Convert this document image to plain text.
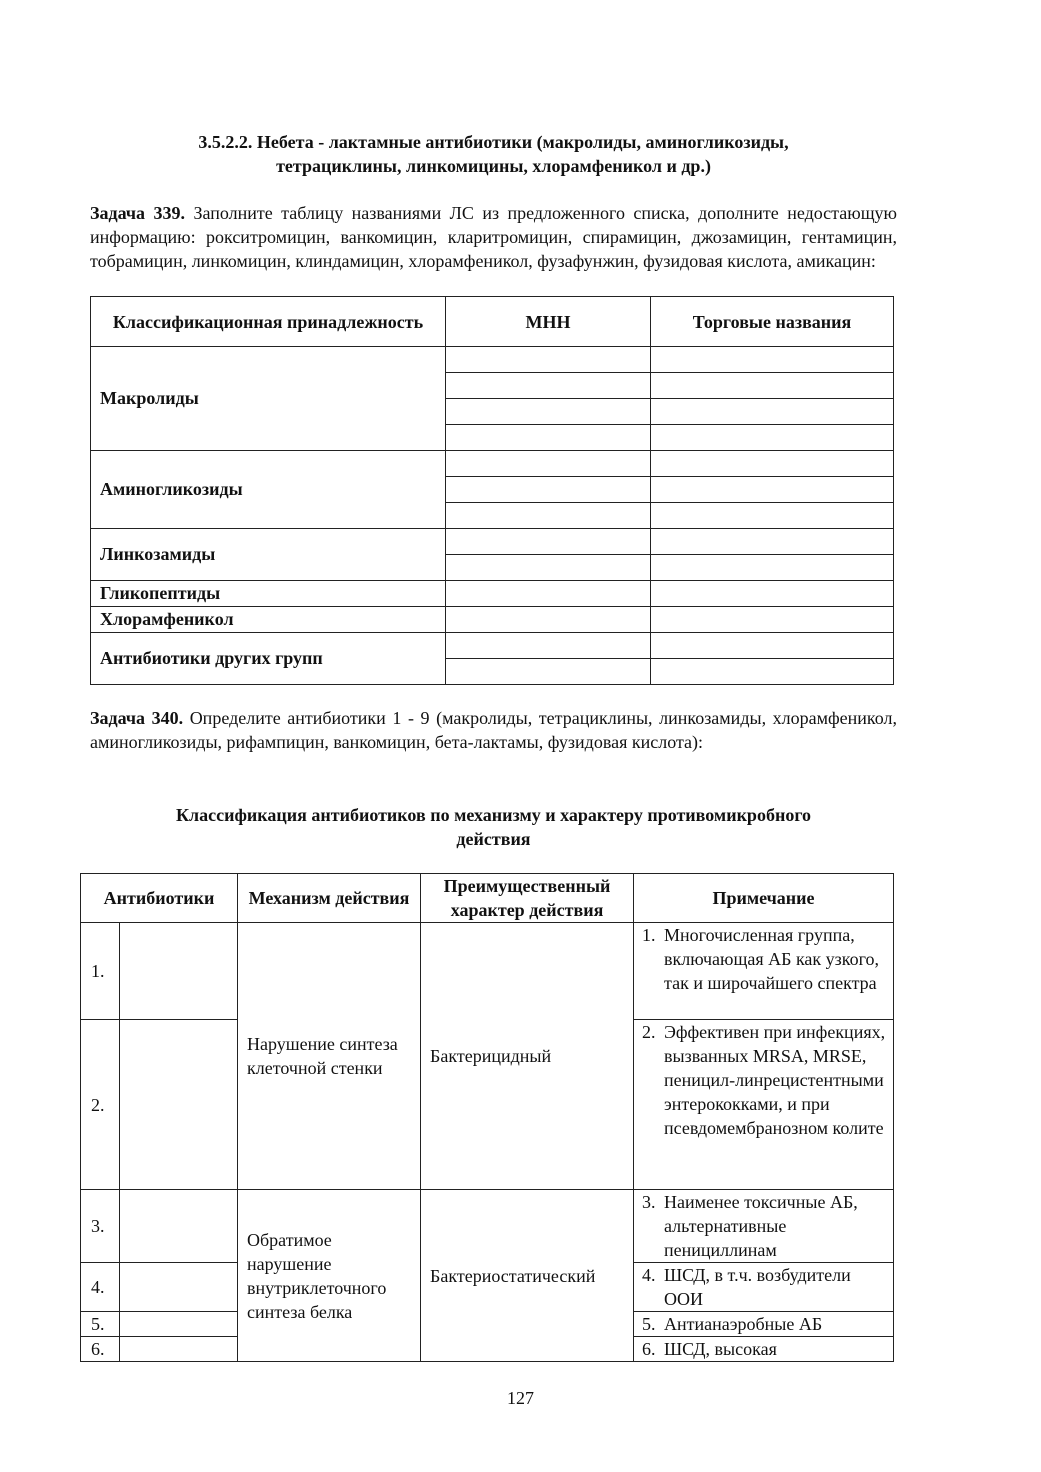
3.5.2.2. Небета - лактамные антибиотики (макролиды, аминогликозиды,
тетрациклины, линкомицины, хлорамфеникол и др.)
Задача 339. Заполните таблицу названиями ЛС из предложенного списка, дополните недостающую информацию: рокситромицин, ванкомицин, кларитромицин, спирамицин, джозамицин, гентамицин, тобрамицин, линкомицин, клиндамицин, хлорамфеникол, фузафунжин, фузидовая кислота, амикацин:
Классификационная принадлежность	МНН	Торговые названия
Макролиды		

Аминогликозиды		

Линкозамиды		

Гликопептиды		
Хлорамфеникол		
Антибиотики других групп		

Задача 340. Определите антибиотики 1 - 9 (макролиды, тетрациклины, линкозамиды, хлорамфеникол, аминогликозиды, рифампицин, ванкомицин, бета-лактамы, фузидовая кислота):
Классификация антибиотиков по механизму и характеру противомикробного
действия
Антибиотики		Механизм действия	Преимущественный характер действия	Примечание
1.		Нарушение синтеза клеточной стенки	Бактерицидный	1. Многочисленная группа, включающая АБ как узкого, так и широчайшего спектра

2.				2. Эффективен при инфекциях, вызванных MRSA, MRSE, пеницил-линрецистентными энтерококками, и при псевдомембранозном колите

3.		Обратимое нарушение внутриклеточного синтеза белка	Бактериостатический	3. Наименее токсичные АБ, альтернативные пенициллинам

4.				4. ШСД, в т.ч. возбудители ООИ

5.				5. Антианаэробные АБ

6.				6. ШСД, высокая
127
